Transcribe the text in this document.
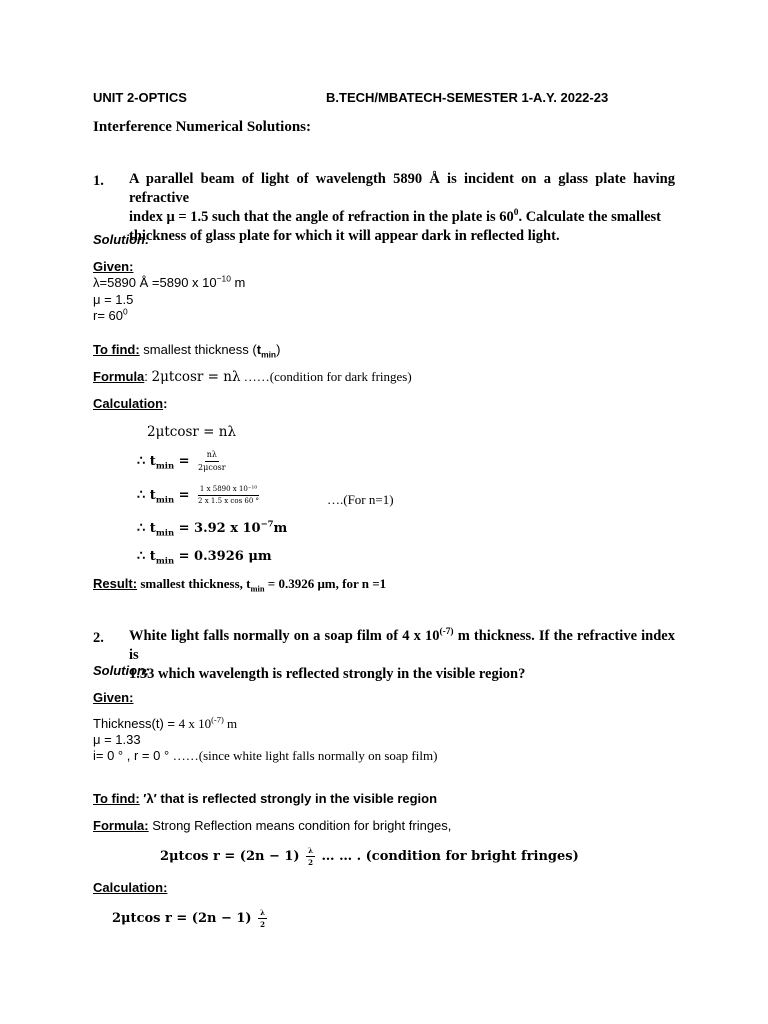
UNIT 2-OPTICS	B.TECH/MBATECH-SEMESTER 1-A.Y. 2022-23
Interference Numerical Solutions:
1. A parallel beam of light of wavelength 5890 Å is incident on a glass plate having refractive
index μ = 1.5 such that the angle of refraction in the plate is $60^0$. Calculate the smallest
thickness of glass plate for which it will appear dark in reflected light.
Solution:
Given:
λ=5890 Å =5890 x $10^{-10}$ m
μ = 1.5
$r= 60^0$
To find: smallest thickness $(t_{min})$
Formula: 2μtcosr = nλ ……(condition for dark fringes)
Calculation:
2μtcosr = nλ
∴ $t_{min} = \frac{n\lambda}{2\mu\cos r}$
∴ $t_{min} = \frac{\text{1 x 5890 x 10⁻¹⁰}}{\text{2 x 1.5 x cos 60 °}}$	….(For n=1)
∴ $t_{min} = 3.92$ x $10^{-7}m$
∴ $t_{min} = 0.3926$ μm
Result: smallest thickness, $t_{min} = 0.3926$ μm, for n =1
2. White light falls normally on a soap film of 4 x $10^{(-7)}$ m thickness. If the refractive index is
1.33 which wavelength is reflected strongly in the visible region?
Solution:
Given:
Thickness(t) = 4 x $10^{(-7)}$ m
μ = 1.33
i= 0 ° , r = 0 ° ……(since white light falls normally on soap film)
To find: ′λ′ that is reflected strongly in the visible region
Formula: Strong Reflection means condition for bright fringes,
2μtcos $r = (2n - 1) \frac{\lambda}{2}$ … … . (condition for bright fringes)
Calculation:
2μtcos $r = (2n - 1) \frac{\lambda}{2}$
